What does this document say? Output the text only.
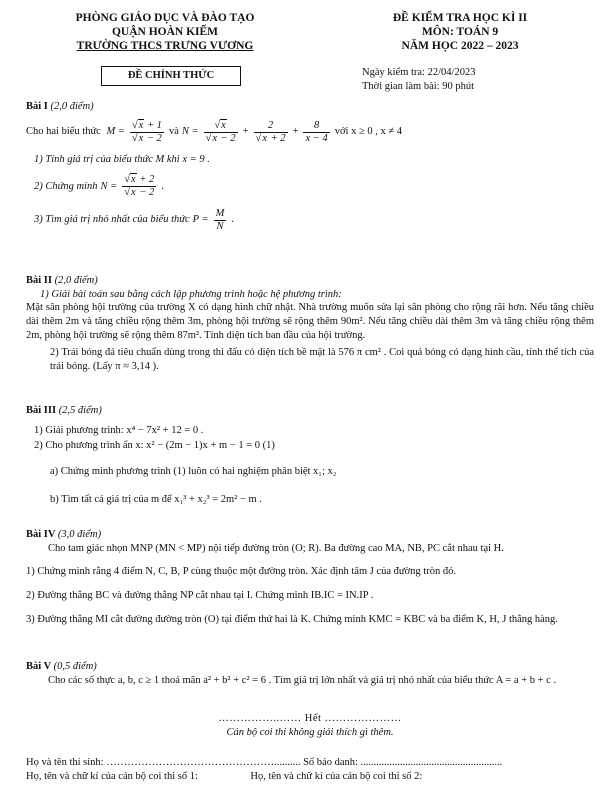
PHÒNG GIÁO DỤC VÀ ĐÀO TẠO
QUẬN HOÀN KIẾM
TRƯỜNG THCS TRƯNG VƯƠNG
ĐỀ KIỂM TRA HỌC KÌ II
MÔN: TOÁN 9
NĂM HỌC 2022 – 2023
ĐỀ CHÍNH THỨC	Ngày kiểm tra: 22/04/2023
Thời gian làm bài: 90 phút

Bài I (2,0 điểm)

Cho hai biểu thức $M = \frac{√x + 1}{√x - 2}$ và $N = \frac{√x}{√x - 2} + \frac{2}{√x + 2} + \frac{8}{x - 4}$ với x ≥ 0 , x ≠ 4

1) Tính giá trị của biểu thức M khi x = 9 .

2) Chứng minh $N = \frac{√x + 2}{√x - 2}$ .

3) Tìm giá trị nhỏ nhất của biểu thức $P = \frac{M}{N}$ .

Bài II (2,0 điểm)

1) Giải bài toán sau bằng cách lập phương trình hoặc hệ phương trình:

Mặt sân phòng hội trường của trường X có dạng hình chữ nhật. Nhà trường muốn sửa lại sân phòng cho rộng rãi hơn. Nếu tăng chiều dài thêm 2m và tăng chiều rộng thêm 3m, phòng hội trường sẽ rộng thêm 90m². Nếu tăng chiều dài thêm 3m và tăng chiều rộng thêm 2m, phòng hội trường sẽ rộng thêm 87m². Tính diện tích ban đầu của hội trường.

2) Trái bóng đá tiêu chuẩn dùng trong thi đấu có diện tích bề mặt là 576 π cm² . Coi quả bóng có dạng hình cầu, tính thể tích của trái bóng. (Lấy π ≈ 3,14 ).

Bài III (2,5 điểm)

1) Giải phương trình: x⁴ − 7x² + 12 = 0 .

2) Cho phương trình ẩn x: x² − (2m − 1)x + m − 1 = 0 (1)

a) Chứng minh phương trình (1) luôn có hai nghiệm phân biệt x₁; x₂

b) Tìm tất cả giá trị của m để x₁³ + x₂³ = 2m² − m .

Bài IV (3,0 điểm)

Cho tam giác nhọn MNP (MN < MP) nội tiếp đường tròn (O; R). Ba đường cao MA, NB, PC cắt nhau tại H.

1) Chứng minh rằng 4 điểm N, C, B, P cùng thuộc một đường tròn. Xác định tâm J của đường tròn đó.

2) Đường thẳng BC và đường thẳng NP cắt nhau tại I. Chứng minh IB.IC = IN.IP .

3) Đường thẳng MI cắt đường đường tròn (O) tại điểm thứ hai là K. Chứng minh KMC = KBC và ba điểm K, H, J thẳng hàng.

Bài V (0,5 điểm)

Cho các số thực a, b, c ≥ 1 thoả mãn a² + b² + c² = 6 . Tìm giá trị lớn nhất và giá trị nhỏ nhất của biểu thức A = a + b + c .

……………..…… Hết …………………

Cán bộ coi thi không giải thích gì thêm.

Họ và tên thí sinh: ………………………………………….......... Số báo danh: ......................................................

Họ, tên và chữ kí của cán bộ coi thi số 1:                    Họ, tên và chữ kí của cán bộ coi thi số 2:
